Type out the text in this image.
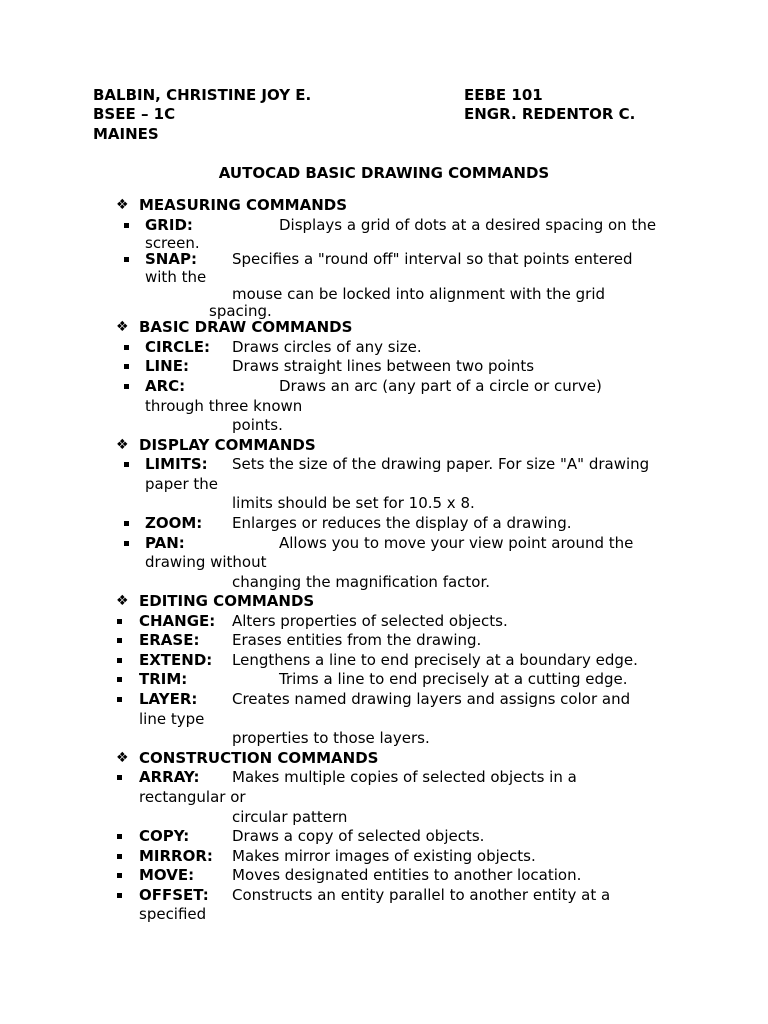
BALBIN, CHRISTINE JOY E.	EEBE 101
BSEE – 1C	ENGR. REDENTOR C.
MAINES
AUTOCAD BASIC DRAWING COMMANDS
❖ MEASURING COMMANDS
GRID:	Displays a grid of dots at a desired spacing on the
screen.
SNAP: Specifies a "round off" interval so that points entered
with the
mouse can be locked into alignment with the grid
spacing.
❖ BASIC DRAW COMMANDS
CIRCLE: Draws circles of any size.
LINE:	Draws straight lines between two points
ARC:	Draws an arc (any part of a circle or curve)
through three known
points.
❖ DISPLAY COMMANDS
LIMITS: Sets the size of the drawing paper. For size "A" drawing
paper the
limits should be set for 10.5 x 8.
ZOOM: Enlarges or reduces the display of a drawing.
PAN:	Allows you to move your view point around the
drawing without
changing the magnification factor.
❖ EDITING COMMANDS
CHANGE: Alters properties of selected objects.
ERASE: Erases entities from the drawing.
EXTEND: Lengthens a line to end precisely at a boundary edge.
TRIM:	Trims a line to end precisely at a cutting edge.
LAYER: Creates named drawing layers and assigns color and
line type
properties to those layers.
❖ CONSTRUCTION COMMANDS
ARRAY: Makes multiple copies of selected objects in a
rectangular or
circular pattern
COPY:	Draws a copy of selected objects.
MIRROR: Makes mirror images of existing objects.
MOVE:	Moves designated entities to another location.
OFFSET: Constructs an entity parallel to another entity at a
specified
